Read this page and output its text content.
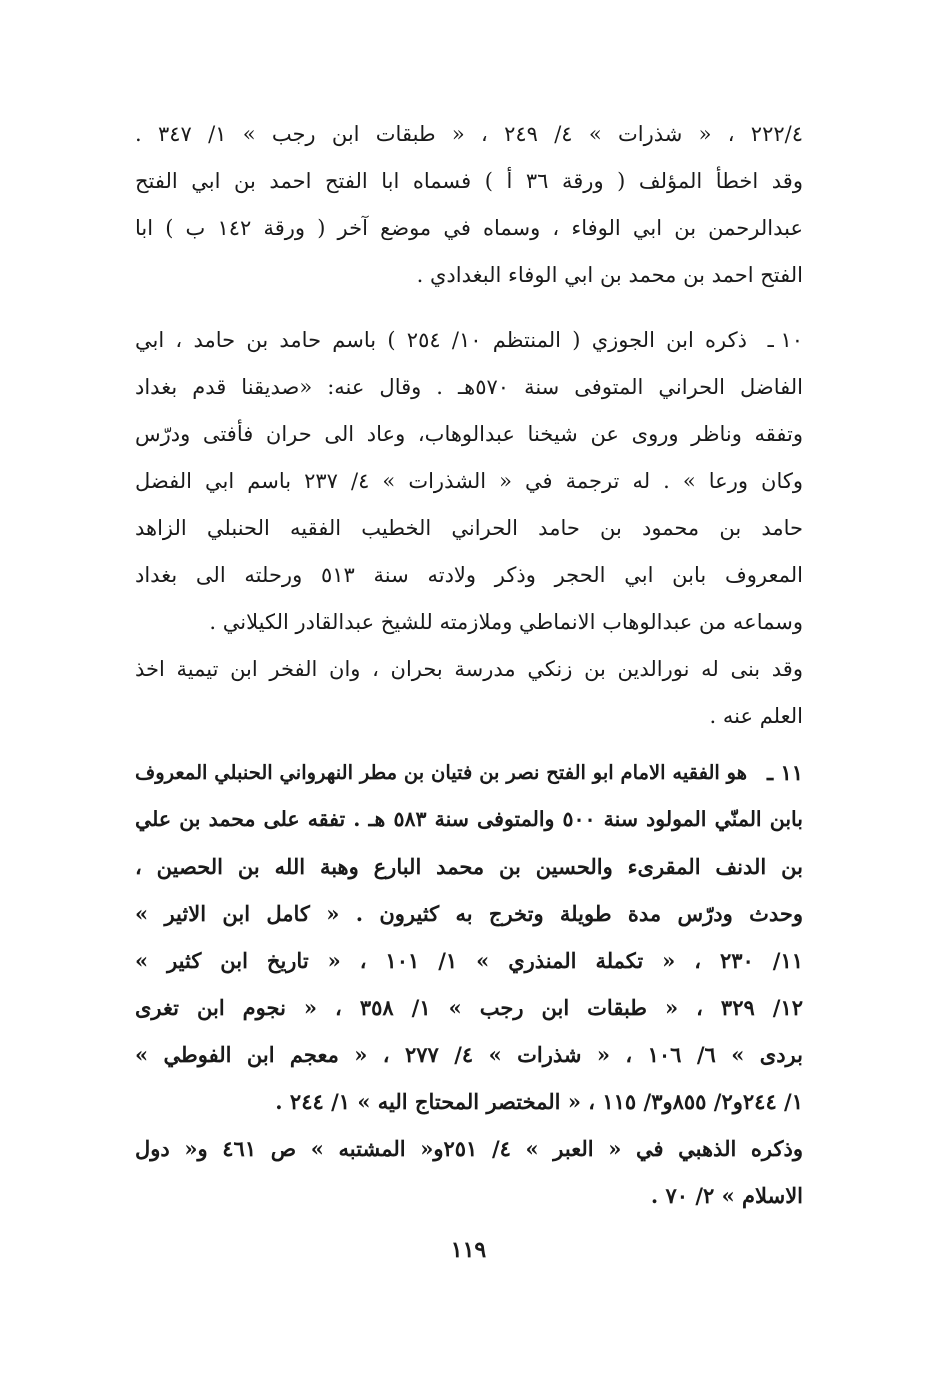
٢٢٢/٤ ، « شذرات » ٤/ ٢٤٩ ، « طبقات ابن رجب » ١/ ٣٤٧ .
وقد اخطأ المؤلف ( ورقة ٣٦ أ ) فسماه ابا الفتح احمد بن ابي الفتح
عبدالرحمن بن ابي الوفاء ، وسماه في موضع آخر ( ورقة ١٤٢ ب ) ابا
الفتح احمد بن محمد بن ابي الوفاء البغدادي .
١٠ ـ
ذكره ابن الجوزي ( المنتظم ١٠/ ٢٥٤ ) باسم حامد بن حامد ، ابي
الفاضل الحراني المتوفى سنة ٥٧٠هـ . وقال عنه: «صديقنا قدم بغداد
وتفقه وناظر وروى عن شيخنا عبدالوهاب، وعاد الى حران فأفتى ودرّس
وكان ورعا » . له ترجمة في « الشذرات » ٤/ ٢٣٧ باسم ابي الفضل
حامد بن محمود بن حامد الحراني الخطيب الفقيه الحنبلي الزاهد
المعروف بابن ابي الحجر وذكر ولادته سنة ٥١٣ ورحلته الى بغداد
وسماعه من عبدالوهاب الانماطي وملازمته للشيخ عبدالقادر الكيلاني .
وقد بنى له نورالدين بن زنكي مدرسة بحران ، وان الفخر ابن تيمية اخذ
العلم عنه .
١١ ـ
هو الفقيه الامام ابو الفتح نصر بن فتيان بن مطر النهرواني الحنبلي المعروف
بابن المنّي المولود سنة ٥٠٠ والمتوفى سنة ٥٨٣ هـ . تفقه على محمد بن علي
بن الدنف المقرىء والحسين بن محمد البارع وهبة الله بن الحصين ،
وحدث ودرّس مدة طويلة وتخرج به كثيرون . « كامل ابن الاثير »
١١/ ٢٣٠ ، « تكملة المنذري » ١/ ١٠١ ، « تاريخ ابن كثير »
١٢/ ٣٢٩ ، « طبقات ابن رجب » ١/ ٣٥٨ ، « نجوم ابن تغرى
بردى » ٦/ ١٠٦ ، « شذرات » ٤/ ٢٧٧ ، « معجم ابن الفوطي »
١/ ٢٤٤و٢/ ٨٥٥و٣/ ١١٥ ، « المختصر المحتاج اليه » ١/ ٢٤٤ .
وذكره الذهبي في « العبر » ٤/ ٢٥١و« المشتبه » ص ٤٦١ و« دول
الاسلام » ٢/ ٧٠ .
١١٩
